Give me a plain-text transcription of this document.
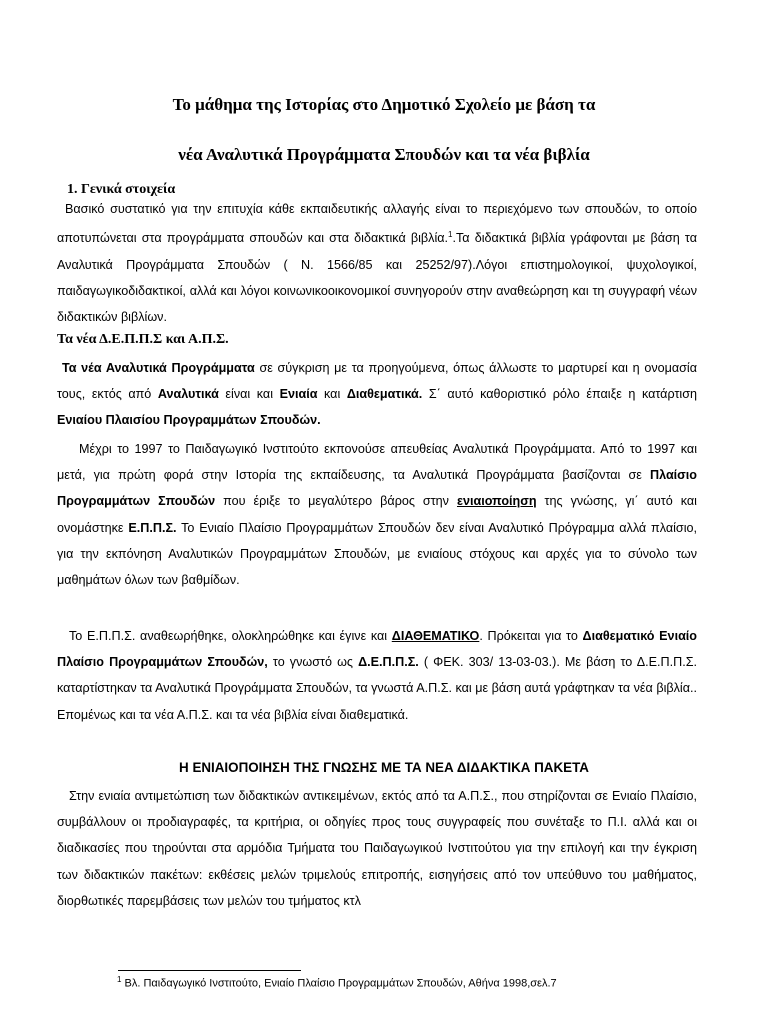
Το μάθημα της Ιστορίας στο Δημοτικό Σχολείο με βάση τα
νέα Αναλυτικά Προγράμματα Σπουδών και τα νέα βιβλία
1. Γενικά στοιχεία
Βασικό συστατικό για την επιτυχία κάθε εκπαιδευτικής αλλαγής είναι το περιεχόμενο των σπουδών, το οποίο αποτυπώνεται στα προγράμματα σπουδών και στα διδακτικά βιβλία.$^1$.Τα διδακτικά βιβλία γράφονται με βάση τα Αναλυτικά Προγράμματα Σπουδών ( Ν. 1566/85 και 25252/97).Λόγοι επιστημολογικοί, ψυχολογικοί, παιδαγωγικοδιδακτικοί, αλλά και λόγοι κοινωνικοοικονομικοί συνηγορούν στην αναθεώρηση και τη συγγραφή νέων διδακτικών βιβλίων.
Τα νέα Δ.Ε.Π.Π.Σ και Α.Π.Σ.
Τα νέα Αναλυτικά Προγράμματα σε σύγκριση με τα προηγούμενα, όπως άλλωστε το μαρτυρεί και η ονομασία τους, εκτός από Αναλυτικά είναι και Ενιαία και Διαθεματικά. Σ΄ αυτό καθοριστικό ρόλο έπαιξε η κατάρτιση Ενιαίου Πλαισίου Προγραμμάτων Σπουδών.
Μέχρι το 1997 το Παιδαγωγικό Ινστιτούτο εκπονούσε απευθείας Αναλυτικά Προγράμματα. Από το 1997 και μετά, για πρώτη φορά στην Ιστορία της εκπαίδευσης, τα Αναλυτικά Προγράμματα βασίζονται σε Πλαίσιο Προγραμμάτων Σπουδών που έριξε το μεγαλύτερο βάρος στην ενιαιοποίηση της γνώσης, γι΄ αυτό και ονομάστηκε Ε.Π.Π.Σ. Το Ενιαίο Πλαίσιο Προγραμμάτων Σπουδών δεν είναι Αναλυτικό Πρόγραμμα αλλά πλαίσιο, για την εκπόνηση Αναλυτικών Προγραμμάτων Σπουδών, με ενιαίους στόχους και αρχές για το σύνολο των μαθημάτων όλων των βαθμίδων.
Το Ε.Π.Π.Σ. αναθεωρήθηκε, ολοκληρώθηκε και έγινε και ΔΙΑΘΕΜΑΤΙΚΟ. Πρόκειται για το Διαθεματικό Ενιαίο Πλαίσιο Προγραμμάτων Σπουδών, το γνωστό ως Δ.Ε.Π.Π.Σ. ( ΦΕΚ. 303/ 13-03-03.). Με βάση το Δ.Ε.Π.Π.Σ. καταρτίστηκαν τα Αναλυτικά Προγράμματα Σπουδών, τα γνωστά Α.Π.Σ. και με βάση αυτά γράφτηκαν τα νέα βιβλία.. Επομένως και τα νέα Α.Π.Σ. και τα νέα βιβλία είναι διαθεματικά.
Η ΕΝΙΑΙΟΠΟΙΗΣΗ ΤΗΣ ΓΝΩΣΗΣ ΜΕ ΤΑ ΝΕΑ ΔΙΔΑΚΤΙΚΑ ΠΑΚΕΤΑ
Στην ενιαία αντιμετώπιση των διδακτικών αντικειμένων, εκτός από τα Α.Π.Σ., που στηρίζονται σε Ενιαίο Πλαίσιο, συμβάλλουν οι προδιαγραφές, τα κριτήρια, οι οδηγίες προς τους συγγραφείς που συνέταξε το Π.Ι. αλλά και οι διαδικασίες που τηρούνται στα αρμόδια Τμήματα του Παιδαγωγικού Ινστιτούτου για την επιλογή και την έγκριση των διδακτικών πακέτων: εκθέσεις μελών τριμελούς επιτροπής, εισηγήσεις από τον υπεύθυνο του μαθήματος, διορθωτικές παρεμβάσεις των μελών του τμήματος κτλ
$^1$ Βλ. Παιδαγωγικό Ινστιτούτο, Ενιαίο Πλαίσιο Προγραμμάτων Σπουδών, Αθήνα 1998,σελ.7
